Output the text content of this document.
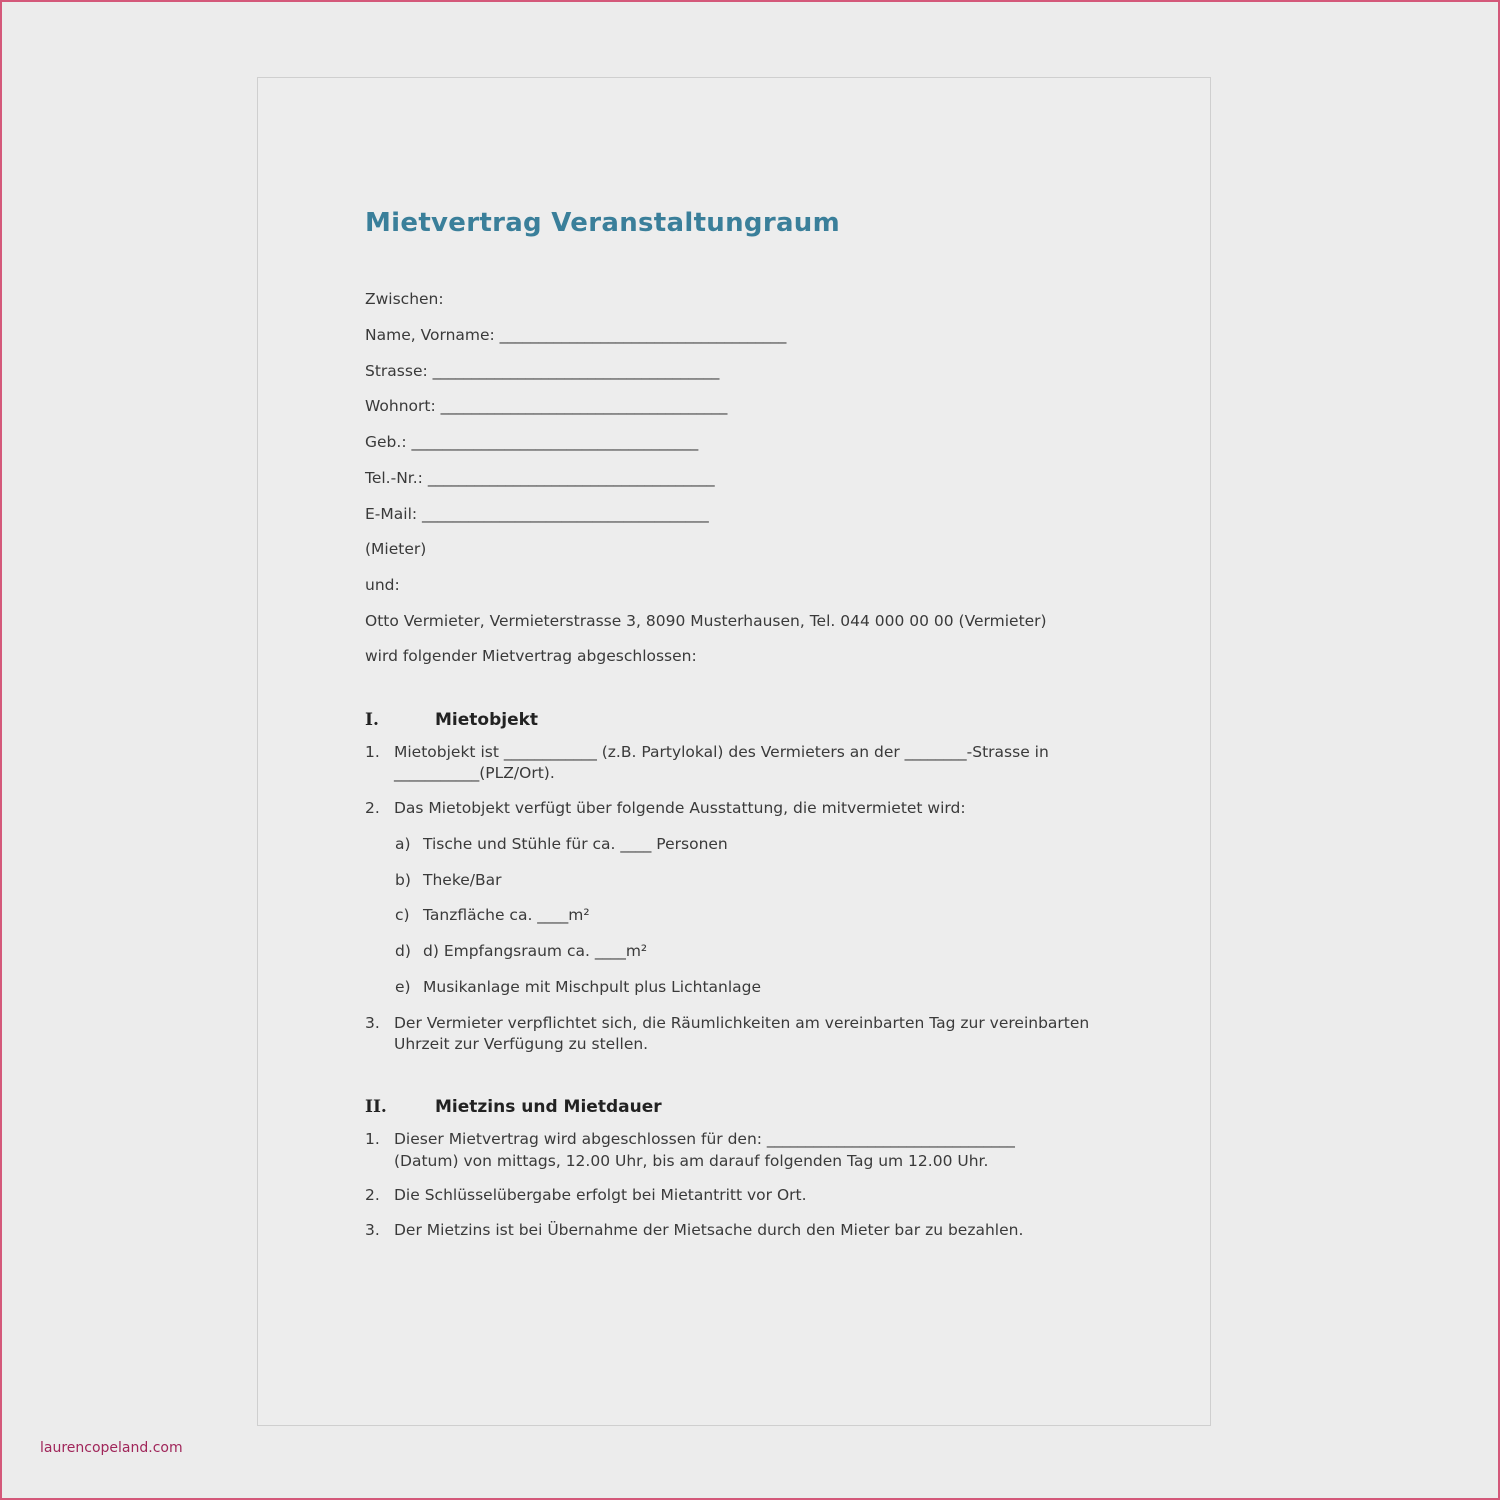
Mietvertrag Veranstaltungraum
Zwischen:
Name, Vorname: _____________________________________
Strasse: _____________________________________
Wohnort: _____________________________________
Geb.: _____________________________________
Tel.-Nr.: _____________________________________
E-Mail: _____________________________________
(Mieter)
und:
Otto Vermieter, Vermieterstrasse 3, 8090 Musterhausen, Tel. 044 000 00 00 (Vermieter)
wird folgender Mietvertrag abgeschlossen:
I.	Mietobjekt
1. Mietobjekt ist ____________ (z.B. Partylokal) des Vermieters an der ________-Strasse in
___________(PLZ/Ort).
2. Das Mietobjekt verfügt über folgende Ausstattung, die mitvermietet wird:
a) Tische und Stühle für ca. ____ Personen
b) Theke/Bar
c) Tanzfläche ca. ____m²
d) d) Empfangsraum ca. ____m²
e) Musikanlage mit Mischpult plus Lichtanlage
3. Der Vermieter verpflichtet sich, die Räumlichkeiten am vereinbarten Tag zur vereinbarten
Uhrzeit zur Verfügung zu stellen.
II.	Mietzins und Mietdauer
1. Dieser Mietvertrag wird abgeschlossen für den: ________________________________
(Datum) von mittags, 12.00 Uhr, bis am darauf folgenden Tag um 12.00 Uhr.
2. Die Schlüsselübergabe erfolgt bei Mietantritt vor Ort.
3. Der Mietzins ist bei Übernahme der Mietsache durch den Mieter bar zu bezahlen.
laurencopeland.com
